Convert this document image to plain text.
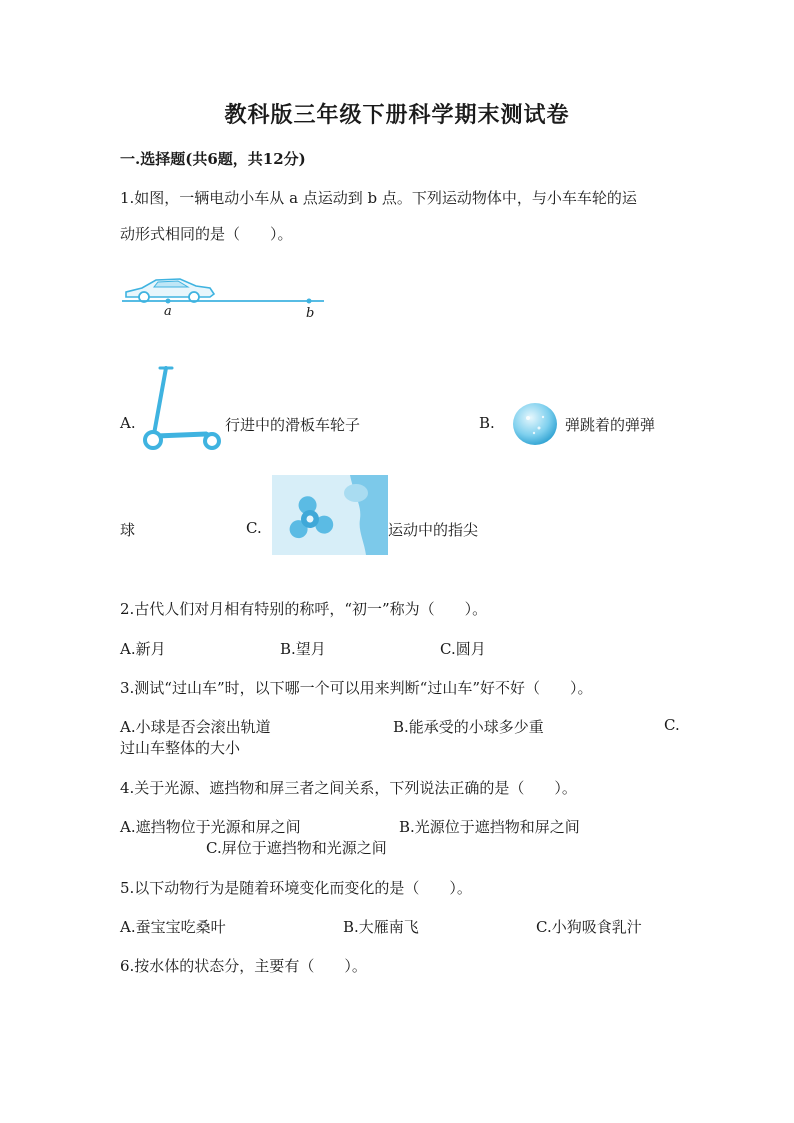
教科版三年级下册科学期末测试卷
一.选择题(共6题，共12分)
1.如图，一辆电动小车从 a 点运动到 b 点。下列运动物体中，与小车车轮的运
动形式相同的是（　　）。
a	b
A.	行进中的滑板车轮子	B.	弹跳着的弹弹
球	C.	运动中的指尖
2.古代人们对月相有特别的称呼，“初一”称为（　　）。
A.新月	B.望月	C.圆月
3.测试“过山车”时，以下哪一个可以用来判断“过山车”好不好（　　）。
A.小球是否会滚出轨道	B.能承受的小球多少重	C.
过山车整体的大小
4.关于光源、遮挡物和屏三者之间关系，下列说法正确的是（　　）。
A.遮挡物位于光源和屏之间	B.光源位于遮挡物和屏之间
C.屏位于遮挡物和光源之间
5.以下动物行为是随着环境变化而变化的是（　　）。
A.蚕宝宝吃桑叶	B.大雁南飞	C.小狗吸食乳汁
6.按水体的状态分，主要有（　　）。
